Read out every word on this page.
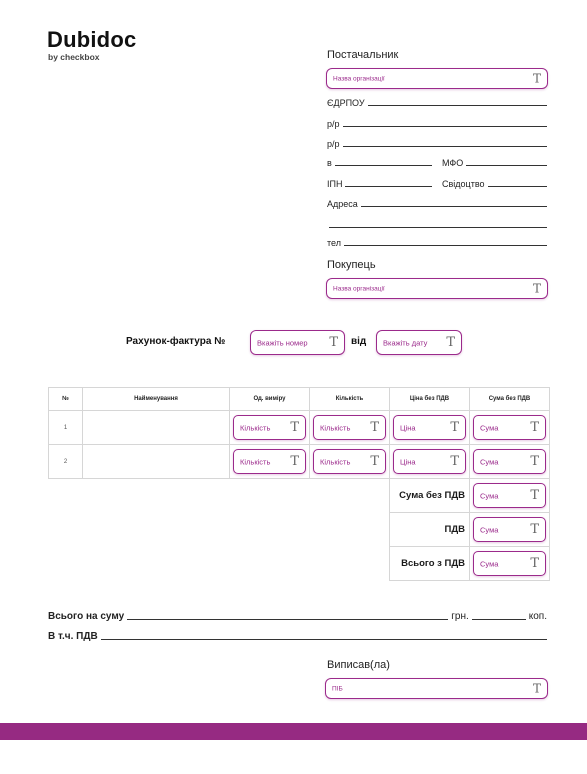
Dubidoc
by checkbox	Постачальник
Назва організації	T
ЄДРПОУ
р/р
р/р
в	МФО
ІПН	Свідоцтво
Адреса
тел
Покупець
Назва організації	T
Рахунок-фактура №	Вкажіть номер T від Вкажіть дату T
№	Найменування	Од. виміру	Кількість	Ціна без ПДВ	Сума без ПДВ
1		Кількість T	Кількість T	Ціна T	Сума T

2		Кількість T	Кількість T	Ціна T	Сума T

				Сума без ПДВ	Сума T

				ПДВ	Сума T

				Всього з ПДВ	Сума T
Всього на суму	грн.	коп.
В т.ч. ПДВ
Виписав(ла)
ПІБ	T
